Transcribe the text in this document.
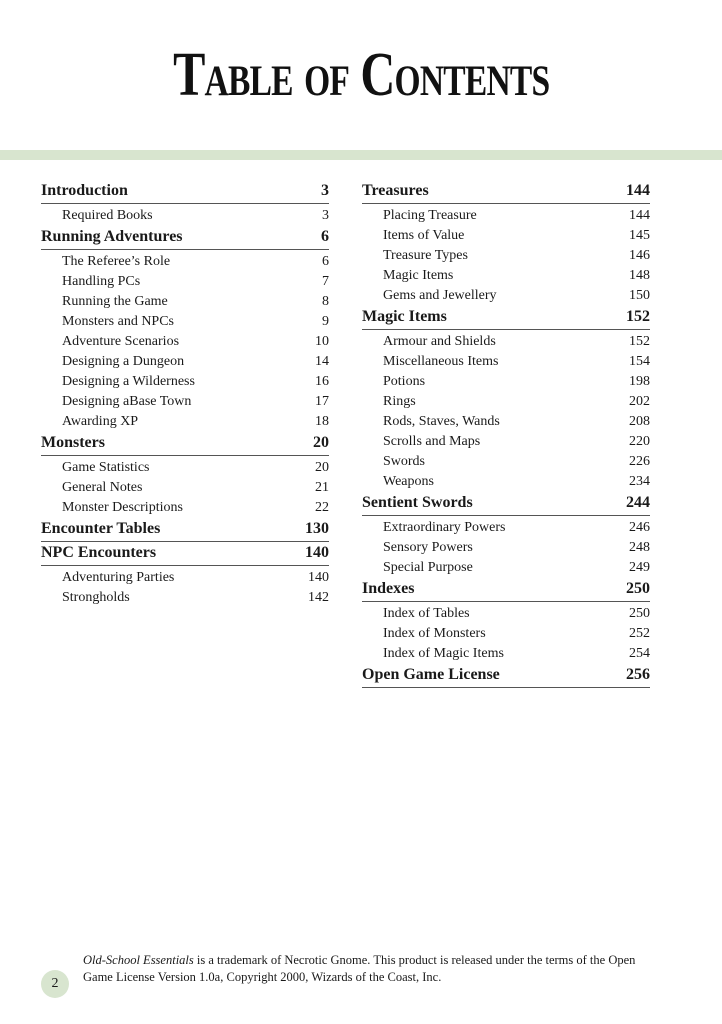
Table of Contents
Introduction	3
Required Books	3
Running Adventures	6
The Referee’s Role	6
Handling PCs	7
Running the Game	8
Monsters and NPCs	9
Adventure Scenarios	10
Designing a Dungeon	14
Designing a Wilderness	16
Designing aBase Town	17
Awarding XP	18
Monsters	20
Game Statistics	20
General Notes	21
Monster Descriptions	22
Encounter Tables	130
NPC Encounters	140
Adventuring Parties	140
Strongholds	142
Treasures	144
Placing Treasure	144
Items of Value	145
Treasure Types	146
Magic Items	148
Gems and Jewellery	150
Magic Items	152
Armour and Shields	152
Miscellaneous Items	154
Potions	198
Rings	202
Rods, Staves, Wands	208
Scrolls and Maps	220
Swords	226
Weapons	234
Sentient Swords	244
Extraordinary Powers	246
Sensory Powers	248
Special Purpose	249
Indexes	250
Index of Tables	250
Index of Monsters	252
Index of Magic Items	254
Open Game License	256
Old-School Essentials is a trademark of Necrotic Gnome. This product is released under the terms of the Open Game License Version 1.0a, Copyright 2000, Wizards of the Coast, Inc.
2
